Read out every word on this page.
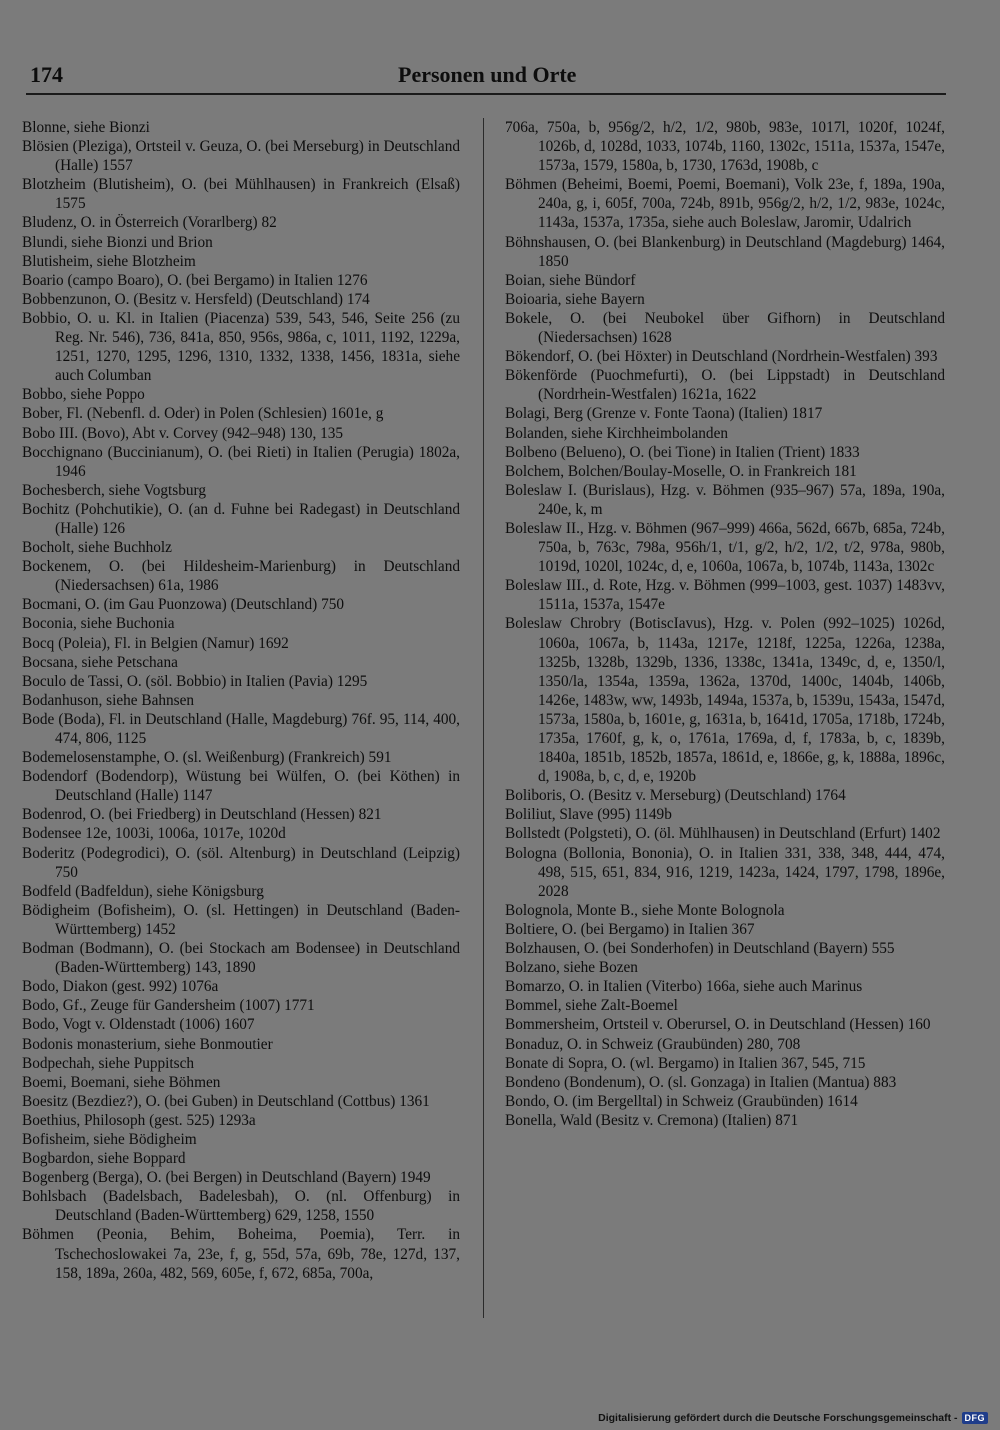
174	Personen und Orte
Blonne, siehe Bionzi
Blösien (Pleziga), Ortsteil v. Geuza, O. (bei Merseburg) in Deutschland (Halle) 1557
Blotzheim (Blutisheim), O. (bei Mühlhausen) in Frankreich (Elsaß) 1575
Bludenz, O. in Österreich (Vorarlberg) 82
Blundi, siehe Bionzi und Brion
Blutisheim, siehe Blotzheim
Boario (campo Boaro), O. (bei Bergamo) in Italien 1276
Bobbenzunon, O. (Besitz v. Hersfeld) (Deutschland) 174
Bobbio, O. u. Kl. in Italien (Piacenza) 539, 543, 546, Seite 256 (zu Reg. Nr. 546), 736, 841a, 850, 956s, 986a, c, 1011, 1192, 1229a, 1251, 1270, 1295, 1296, 1310, 1332, 1338, 1456, 1831a, siehe auch Columban
Bobbo, siehe Poppo
Bober, Fl. (Nebenfl. d. Oder) in Polen (Schlesien) 1601e, g
Bobo III. (Bovo), Abt v. Corvey (942–948) 130, 135
Bocchignano (Buccinianum), O. (bei Rieti) in Italien (Perugia) 1802a, 1946
Bochesberch, siehe Vogtsburg
Bochitz (Pohchutikie), O. (an d. Fuhne bei Radegast) in Deutschland (Halle) 126
Bocholt, siehe Buchholz
Bockenem, O. (bei Hildesheim-Marienburg) in Deutschland (Niedersachsen) 61a, 1986
Bocmani, O. (im Gau Puonzowa) (Deutschland) 750
Boconia, siehe Buchonia
Bocq (Poleia), Fl. in Belgien (Namur) 1692
Bocsana, siehe Petschana
Boculo de Tassi, O. (söl. Bobbio) in Italien (Pavia) 1295
Bodanhuson, siehe Bahnsen
Bode (Boda), Fl. in Deutschland (Halle, Magdeburg) 76f. 95, 114, 400, 474, 806, 1125
Bodemelosenstamphe, O. (sl. Weißenburg) (Frankreich) 591
Bodendorf (Bodendorp), Wüstung bei Wülfen, O. (bei Köthen) in Deutschland (Halle) 1147
Bodenrod, O. (bei Friedberg) in Deutschland (Hessen) 821
Bodensee 12e, 1003i, 1006a, 1017e, 1020d
Boderitz (Podegrodici), O. (söl. Altenburg) in Deutschland (Leipzig) 750
Bodfeld (Badfeldun), siehe Königsburg
Bödigheim (Bofisheim), O. (sl. Hettingen) in Deutschland (Baden-Württemberg) 1452
Bodman (Bodmann), O. (bei Stockach am Bodensee) in Deutschland (Baden-Württemberg) 143, 1890
Bodo, Diakon (gest. 992) 1076a
Bodo, Gf., Zeuge für Gandersheim (1007) 1771
Bodo, Vogt v. Oldenstadt (1006) 1607
Bodonis monasterium, siehe Bonmoutier
Bodpechah, siehe Puppitsch
Boemi, Boemani, siehe Böhmen
Boesitz (Bezdiez?), O. (bei Guben) in Deutschland (Cottbus) 1361
Boethius, Philosoph (gest. 525) 1293a
Bofisheim, siehe Bödigheim
Bogbardon, siehe Boppard
Bogenberg (Berga), O. (bei Bergen) in Deutschland (Bayern) 1949
Bohlsbach (Badelsbach, Badelesbah), O. (nl. Offenburg) in Deutschland (Baden-Württemberg) 629, 1258, 1550
Böhmen (Peonia, Behim, Boheima, Poemia), Terr. in Tschechoslowakei 7a, 23e, f, g, 55d, 57a, 69b, 78e, 127d, 137, 158, 189a, 260a, 482, 569, 605e, f, 672, 685a, 700a,
706a, 750a, b, 956g/2, h/2, 1/2, 980b, 983e, 1017l, 1020f, 1024f, 1026b, d, 1028d, 1033, 1074b, 1160, 1302c, 1511a, 1537a, 1547e, 1573a, 1579, 1580a, b, 1730, 1763d, 1908b, c
Böhmen (Beheimi, Boemi, Poemi, Boemani), Volk 23e, f, 189a, 190a, 240a, g, i, 605f, 700a, 724b, 891b, 956g/2, h/2, 1/2, 983e, 1024c, 1143a, 1537a, 1735a, siehe auch Boleslaw, Jaromir, Udalrich
Böhnshausen, O. (bei Blankenburg) in Deutschland (Magdeburg) 1464, 1850
Boian, siehe Bündorf
Boioaria, siehe Bayern
Bokele, O. (bei Neubokel über Gifhorn) in Deutschland (Niedersachsen) 1628
Bökendorf, O. (bei Höxter) in Deutschland (Nordrhein-Westfalen) 393
Bökenförde (Puochmefurti), O. (bei Lippstadt) in Deutschland (Nordrhein-Westfalen) 1621a, 1622
Bolagi, Berg (Grenze v. Fonte Taona) (Italien) 1817
Bolanden, siehe Kirchheimbolanden
Bolbeno (Belueno), O. (bei Tione) in Italien (Trient) 1833
Bolchem, Bolchen/Boulay-Moselle, O. in Frankreich 181
Boleslaw I. (Burislaus), Hzg. v. Böhmen (935–967) 57a, 189a, 190a, 240e, k, m
Boleslaw II., Hzg. v. Böhmen (967–999) 466a, 562d, 667b, 685a, 724b, 750a, b, 763c, 798a, 956h/1, t/1, g/2, h/2, 1/2, t/2, 978a, 980b, 1019d, 1020l, 1024c, d, e, 1060a, 1067a, b, 1074b, 1143a, 1302c
Boleslaw III., d. Rote, Hzg. v. Böhmen (999–1003, gest. 1037) 1483vv, 1511a, 1537a, 1547e
Boleslaw Chrobry (BotiscIavus), Hzg. v. Polen (992–1025) 1026d, 1060a, 1067a, b, 1143a, 1217e, 1218f, 1225a, 1226a, 1238a, 1325b, 1328b, 1329b, 1336, 1338c, 1341a, 1349c, d, e, 1350/l, 1350/la, 1354a, 1359a, 1362a, 1370d, 1400c, 1404b, 1406b, 1426e, 1483w, ww, 1493b, 1494a, 1537a, b, 1539u, 1543a, 1547d, 1573a, 1580a, b, 1601e, g, 1631a, b, 1641d, 1705a, 1718b, 1724b, 1735a, 1760f, g, k, o, 1761a, 1769a, d, f, 1783a, b, c, 1839b, 1840a, 1851b, 1852b, 1857a, 1861d, e, 1866e, g, k, 1888a, 1896c, d, 1908a, b, c, d, e, 1920b
Boliboris, O. (Besitz v. Merseburg) (Deutschland) 1764
Boliliut, Slave (995) 1149b
Bollstedt (Polgsteti), O. (öl. Mühlhausen) in Deutschland (Erfurt) 1402
Bologna (Bollonia, Bononia), O. in Italien 331, 338, 348, 444, 474, 498, 515, 651, 834, 916, 1219, 1423a, 1424, 1797, 1798, 1896e, 2028
Bolognola, Monte B., siehe Monte Bolognola
Boltiere, O. (bei Bergamo) in Italien 367
Bolzhausen, O. (bei Sonderhofen) in Deutschland (Bayern) 555
Bolzano, siehe Bozen
Bomarzo, O. in Italien (Viterbo) 166a, siehe auch Marinus
Bommel, siehe Zalt-Boemel
Bommersheim, Ortsteil v. Oberursel, O. in Deutschland (Hessen) 160
Bonaduz, O. in Schweiz (Graubünden) 280, 708
Bonate di Sopra, O. (wl. Bergamo) in Italien 367, 545, 715
Bondeno (Bondenum), O. (sl. Gonzaga) in Italien (Mantua) 883
Bondo, O. (im Bergelltal) in Schweiz (Graubünden) 1614
Bonella, Wald (Besitz v. Cremona) (Italien) 871
Digitalisierung gefördert durch die Deutsche Forschungsgemeinschaft - DFG
